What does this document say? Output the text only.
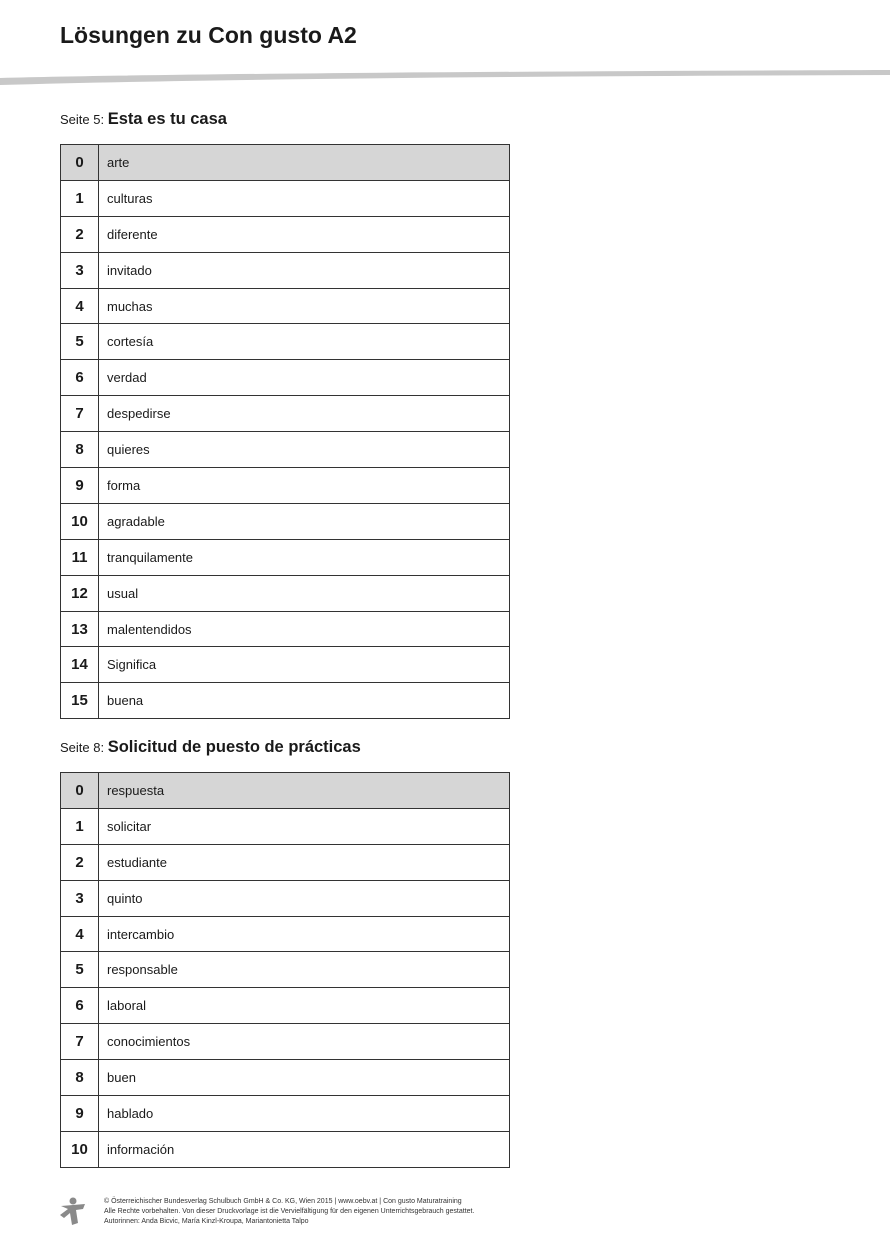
Lösungen zu Con gusto A2
Seite 5: Esta es tu casa
0	arte
1	culturas
2	diferente
3	invitado
4	muchas
5	cortesía
6	verdad
7	despedirse
8	quieres
9	forma
10	agradable
11	tranquilamente
12	usual
13	malentendidos
14	Significa
15	buena
Seite 8: Solicitud de puesto de prácticas
0	respuesta
1	solicitar
2	estudiante
3	quinto
4	intercambio
5	responsable
6	laboral
7	conocimientos
8	buen
9	hablado
10	información
© Österreichischer Bundesverlag Schulbuch GmbH & Co. KG, Wien 2015 | www.oebv.at | Con gusto Maturatraining
Alle Rechte vorbehalten. Von dieser Druckvorlage ist die Vervielfältigung für den eigenen Unterrichtsgebrauch gestattet.
Autorinnen: Anda Bicvic, María Kinzl-Kroupa, Mariantonietta Talpo
